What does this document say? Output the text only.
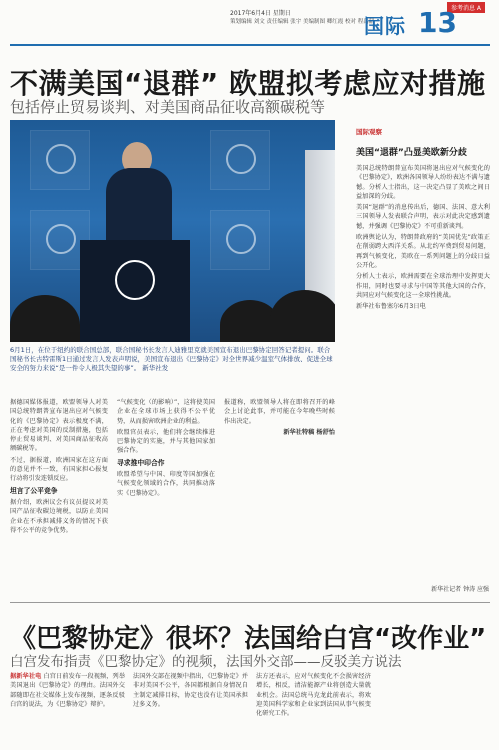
参考消息 A
2017年6月4日 星期日
策划编辑 刘文 责任编辑 张宇 美编制图 卿红霞 校对 程禹韶
国际 13
不满美国“退群” 欧盟拟考虑应对措施
包括停止贸易谈判、对美国商品征收高额碳税等
6月1日，在位于纽约的联合国总部，联合国秘书长发言人迪雅里克就美国宣布退出巴黎协定回答记者提问。联合国秘书长古特雷斯1日通过发言人发表声明说，美国宣布退出《巴黎协定》对全世界减少温室气体排放、促进全球安全的努力来说“是一件令人极其失望的事”。 新华社发

据德国媒体报道，欧盟领导人对美国总统特朗普宣布退出应对气候变化的《巴黎协定》表示极度不满，正在考虑对美国的反制措施，包括停止贸易谈判、对美国商品征收高额碳税等。

不过，据报道，欧洲国家在这方面的意见并不一致，有国家担心报复行动将引发连锁反应。

坦言了公平竞争

据介绍，欧洲议会有议员提议对美国产品征收碳边境税，以防止美国企业在不承担减排义务的情况下获得不公平的竞争优势。

“气候变化（的影响）”，这将使美国企业在全球市场上获得不公平优势，从而损害欧洲企业的利益。

欧盟官员表示，他们将会继续推进巴黎协定的实施，并与其他国家加强合作。

寻求推中印合作

欧盟希望与中国、印度等国加强在气候变化领域的合作，共同推动落实《巴黎协定》。

报道称，欧盟领导人将在即将召开的峰会上讨论此事，并可能在今年晚些时候作出决定。

新华社特稿 杨舒怡

国际观察
美国“退群”凸显美欧新分歧

美国总统特朗普宣布美国将退出应对气候变化的《巴黎协定》，欧洲各国领导人纷纷表达不满与遗憾。分析人士指出，这一决定凸显了美欧之间日益加深的分歧。

美国“退群”的消息传出后，德国、法国、意大利三国领导人发表联合声明，表示对此决定感到遗憾，并强调《巴黎协定》不可重新谈判。

欧洲舆论认为，特朗普政府的“美国优先”政策正在削弱跨大西洋关系。从北约军费到贸易问题，再到气候变化，美欧在一系列问题上的分歧日益公开化。

分析人士表示，欧洲需要在全球治理中发挥更大作用，同时也要寻求与中国等其他大国的合作，共同应对气候变化这一全球性挑战。

新华社布鲁塞尔6月3日电

新华社记者 钟涛 应强
《巴黎协定》很坏？法国给白宫“改作业”
白宫发布指责《巴黎协定》的视频，法国外交部——反驳美方说法

据新华社电 白宫日前发布一段视频，列举美国退出《巴黎协定》的理由。法国外交部随即在社交媒体上发布视频，逐条反驳白宫的说法，为《巴黎协定》辩护。

法国外交部在视频中指出，《巴黎协定》并非对美国不公平，各国都根据自身情况自主制定减排目标，协定也没有让美国承担过多义务。

法方还表示，应对气候变化不会损害经济增长，相反，清洁能源产业将创造大量就业机会。法国总统马克龙此前表示，将欢迎美国科学家和企业家到法国从事气候变化研究工作。
